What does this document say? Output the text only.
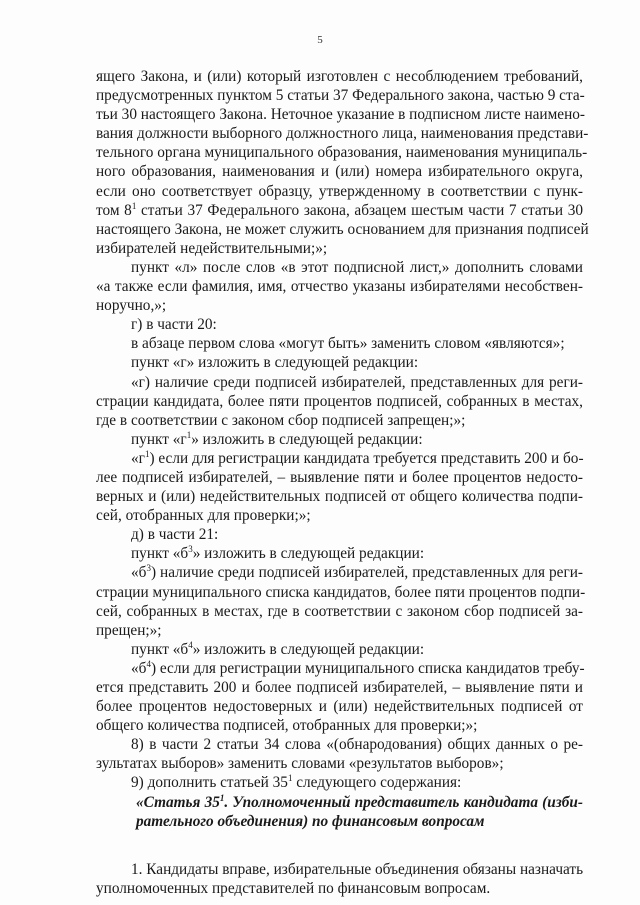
5
ящего Закона, и (или) который изготовлен с несоблюдением требований,
предусмотренных пунктом 5 статьи 37 Федерального закона, частью 9 ста-
тьи 30 настоящего Закона. Неточное указание в подписном листе наимено-
вания должности выборного должностного лица, наименования представи-
тельного органа муниципального образования, наименования муниципаль-
ного образования, наименования и (или) номера избирательного округа,
если оно соответствует образцу, утвержденному в соответствии с пунк-
том $8^1$ статьи 37 Федерального закона, абзацем шестым части 7 статьи 30
настоящего Закона, не может служить основанием для признания подписей
избирателей недействительными;»;
пункт «л» после слов «в этот подписной лист,» дополнить словами
«а также если фамилия, имя, отчество указаны избирателями несобствен-
норучно,»;
г) в части 20:
в абзаце первом слова «могут быть» заменить словом «являются»;
пункт «г» изложить в следующей редакции:
«г) наличие среди подписей избирателей, представленных для реги-
страции кандидата, более пяти процентов подписей, собранных в местах,
где в соответствии с законом сбор подписей запрещен;»;
пункт «$г^1$» изложить в следующей редакции:
«$г^1$) если для регистрации кандидата требуется представить 200 и бо-
лее подписей избирателей, – выявление пяти и более процентов недосто-
верных и (или) недействительных подписей от общего количества подпи-
сей, отобранных для проверки;»;
д) в части 21:
пункт «$б^3$» изложить в следующей редакции:
«$б^3$) наличие среди подписей избирателей, представленных для реги-
страции муниципального списка кандидатов, более пяти процентов подпи-
сей, собранных в местах, где в соответствии с законом сбор подписей за-
прещен;»;
пункт «$б^4$» изложить в следующей редакции:
«$б^4$) если для регистрации муниципального списка кандидатов требу-
ется представить 200 и более подписей избирателей, – выявление пяти и
более процентов недостоверных и (или) недействительных подписей от
общего количества подписей, отобранных для проверки;»;
8) в части 2 статьи 34 слова «(обнародования) общих данных о ре-
зультатах выборов» заменить словами «результатов выборов»;
9) дополнить статьей $35^1$ следующего содержания:
«Статья $35^1$. Уполномоченный представитель кандидата (изби-
рательного объединения) по финансовым вопросам
1. Кандидаты вправе, избирательные объединения обязаны назначать
уполномоченных представителей по финансовым вопросам.
